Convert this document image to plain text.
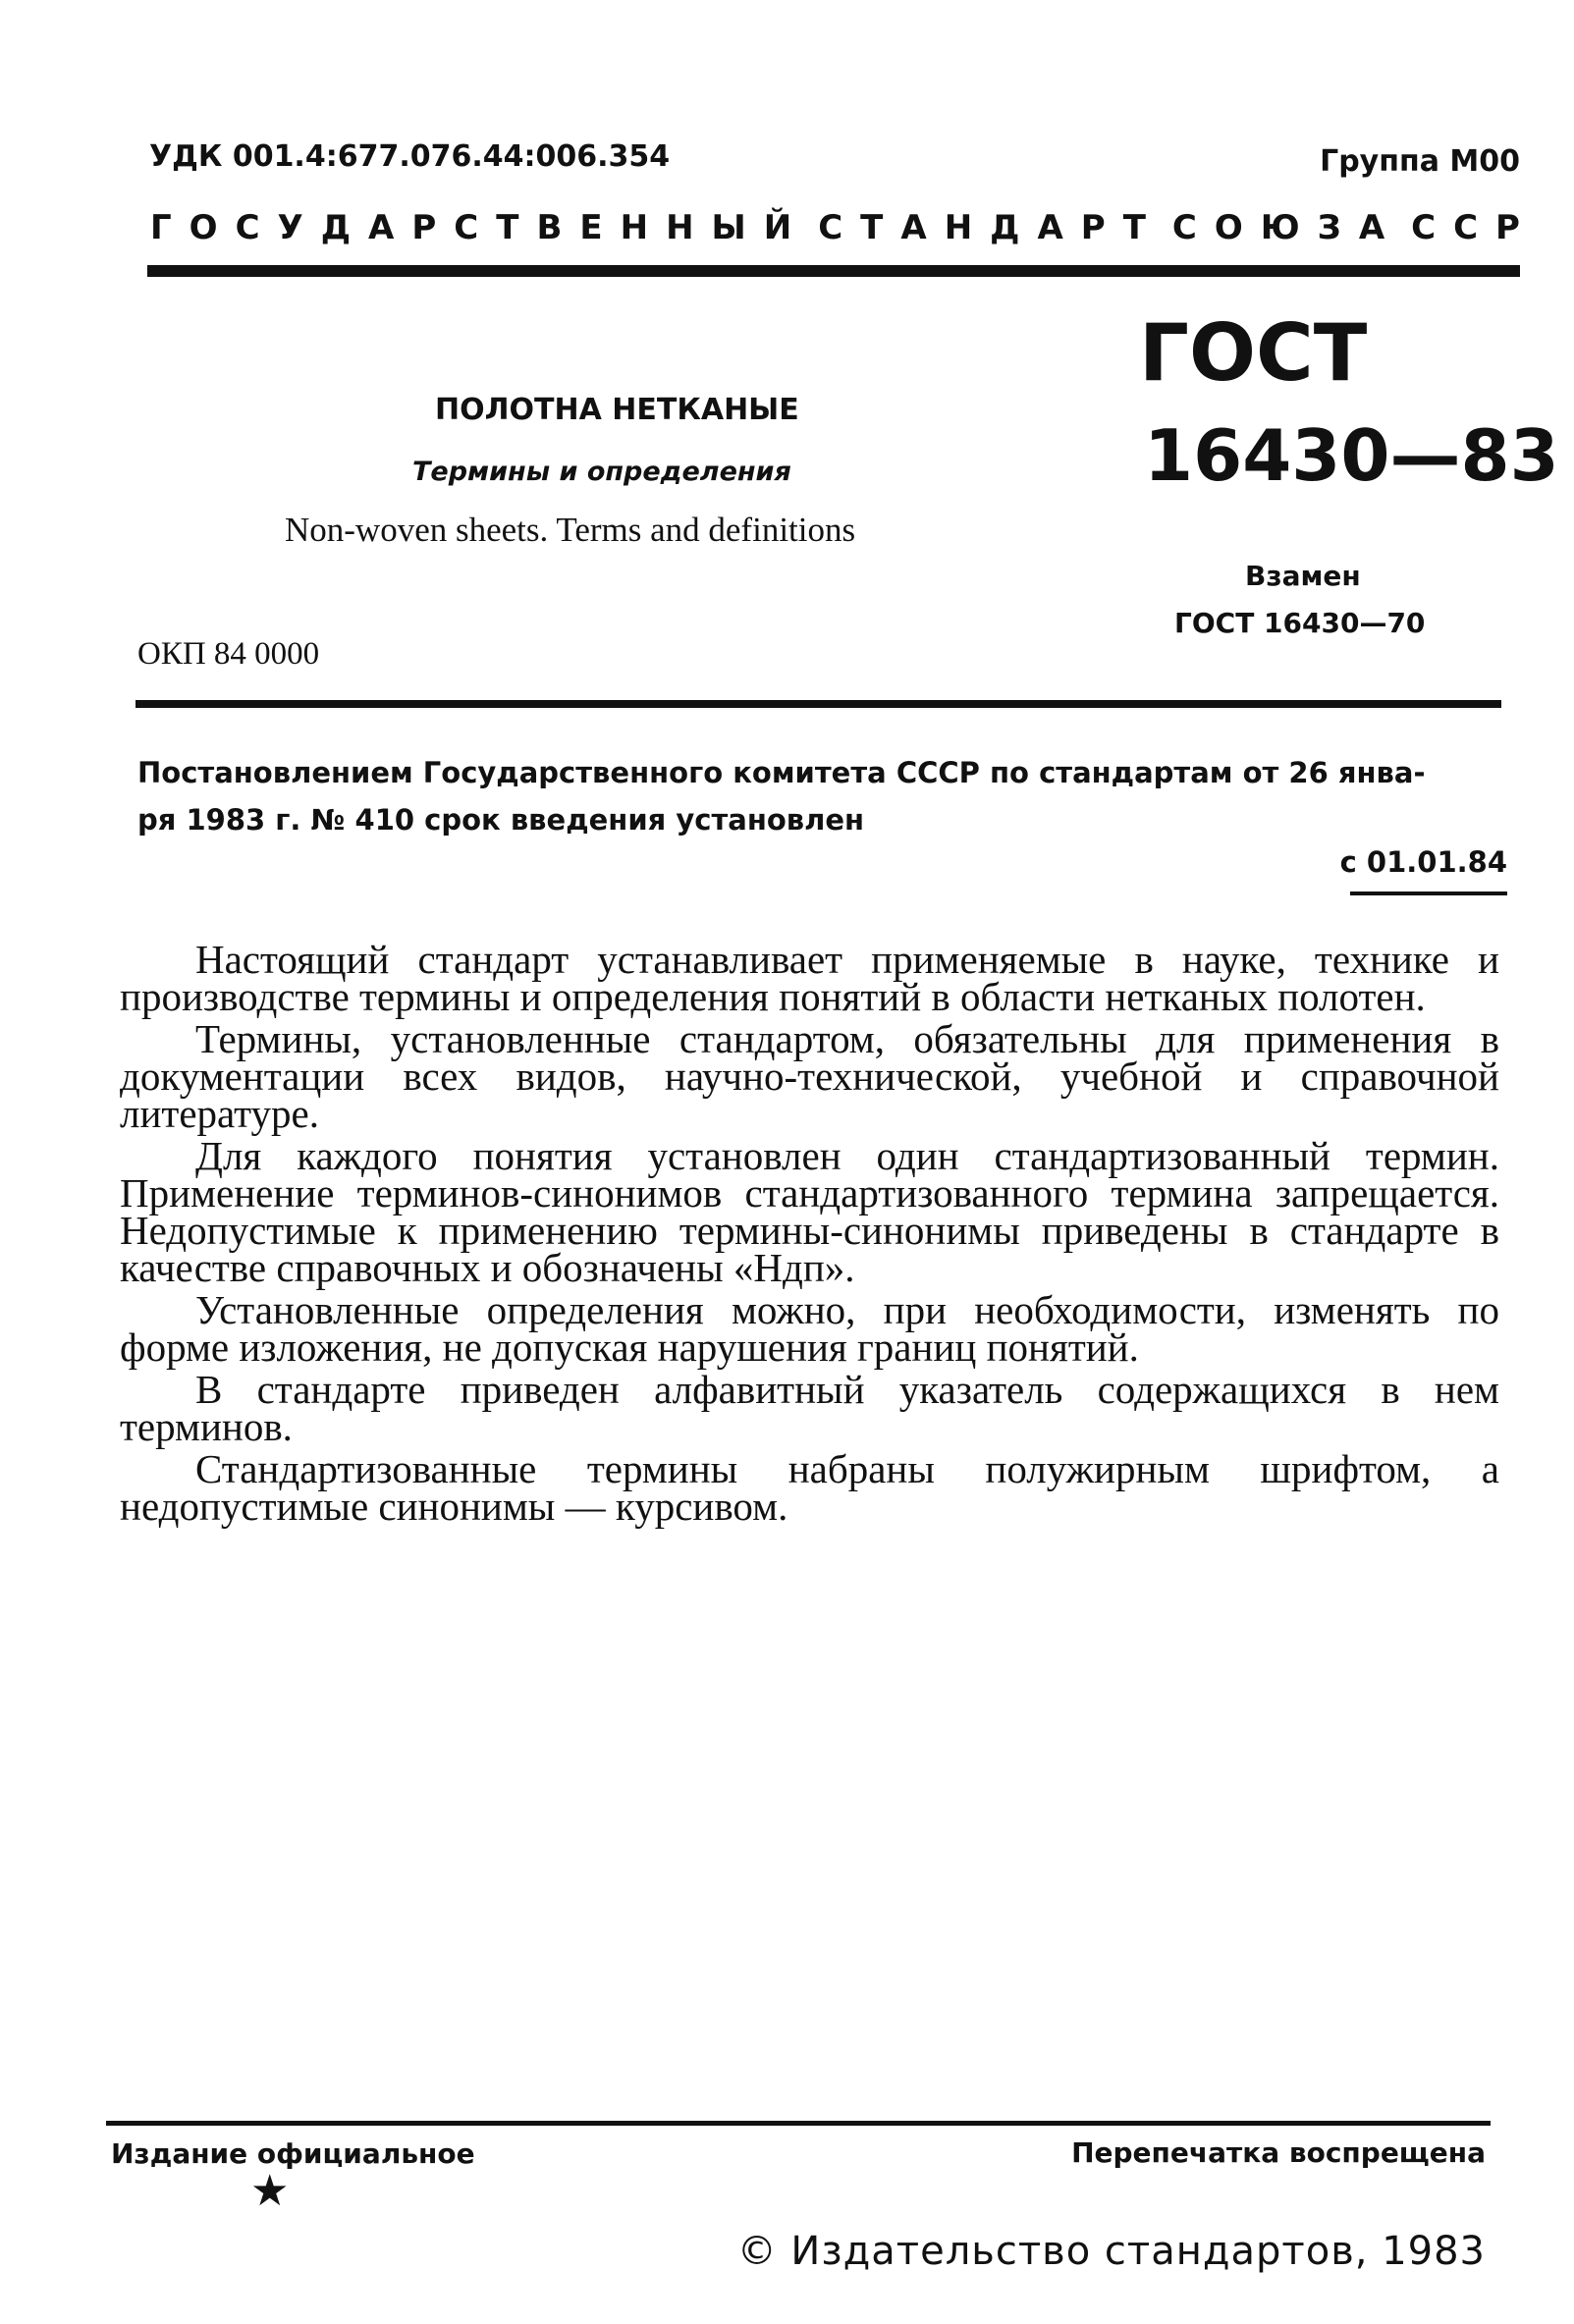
УДК 001.4:677.076.44:006.354	Группа М00
Г О С У Д А Р С Т В Е Н Н Ы Й С Т А Н Д А Р Т С О Ю З А С С Р
ГОСТ
16430—83
ПОЛОТНА НЕТКАНЫЕ
Термины и определения
Non-woven sheets. Terms and definitions
Взамен
ГОСТ 16430—70
ОКП 84 0000
Постановлением Государственного комитета СССР по стандартам от 26 янва-
ря 1983 г. № 410 срок введения установлен
с 01.01.84

Настоящий стандарт устанавливает применяемые в науке, технике и производстве термины и определения понятий в области нетканых полотен.

Термины, установленные стандартом, обязательны для применения в документации всех видов, научно-технической, учебной и справочной литературе.

Для каждого понятия установлен один стандартизованный термин. Применение терминов-синонимов стандартизованного термина запрещается. Недопустимые к применению термины-синонимы приведены в стандарте в качестве справочных и обозначены «Ндп».

Установленные определения можно, при необходимости, изменять по форме изложения, не допуская нарушения границ понятий.

В стандарте приведен алфавитный указатель содержащихся в нем терминов.

Стандартизованные термины набраны полужирным шрифтом, а недопустимые синонимы — курсивом.

Издание официальное	Перепечатка воспрещена
★
© Издательство стандартов, 1983
